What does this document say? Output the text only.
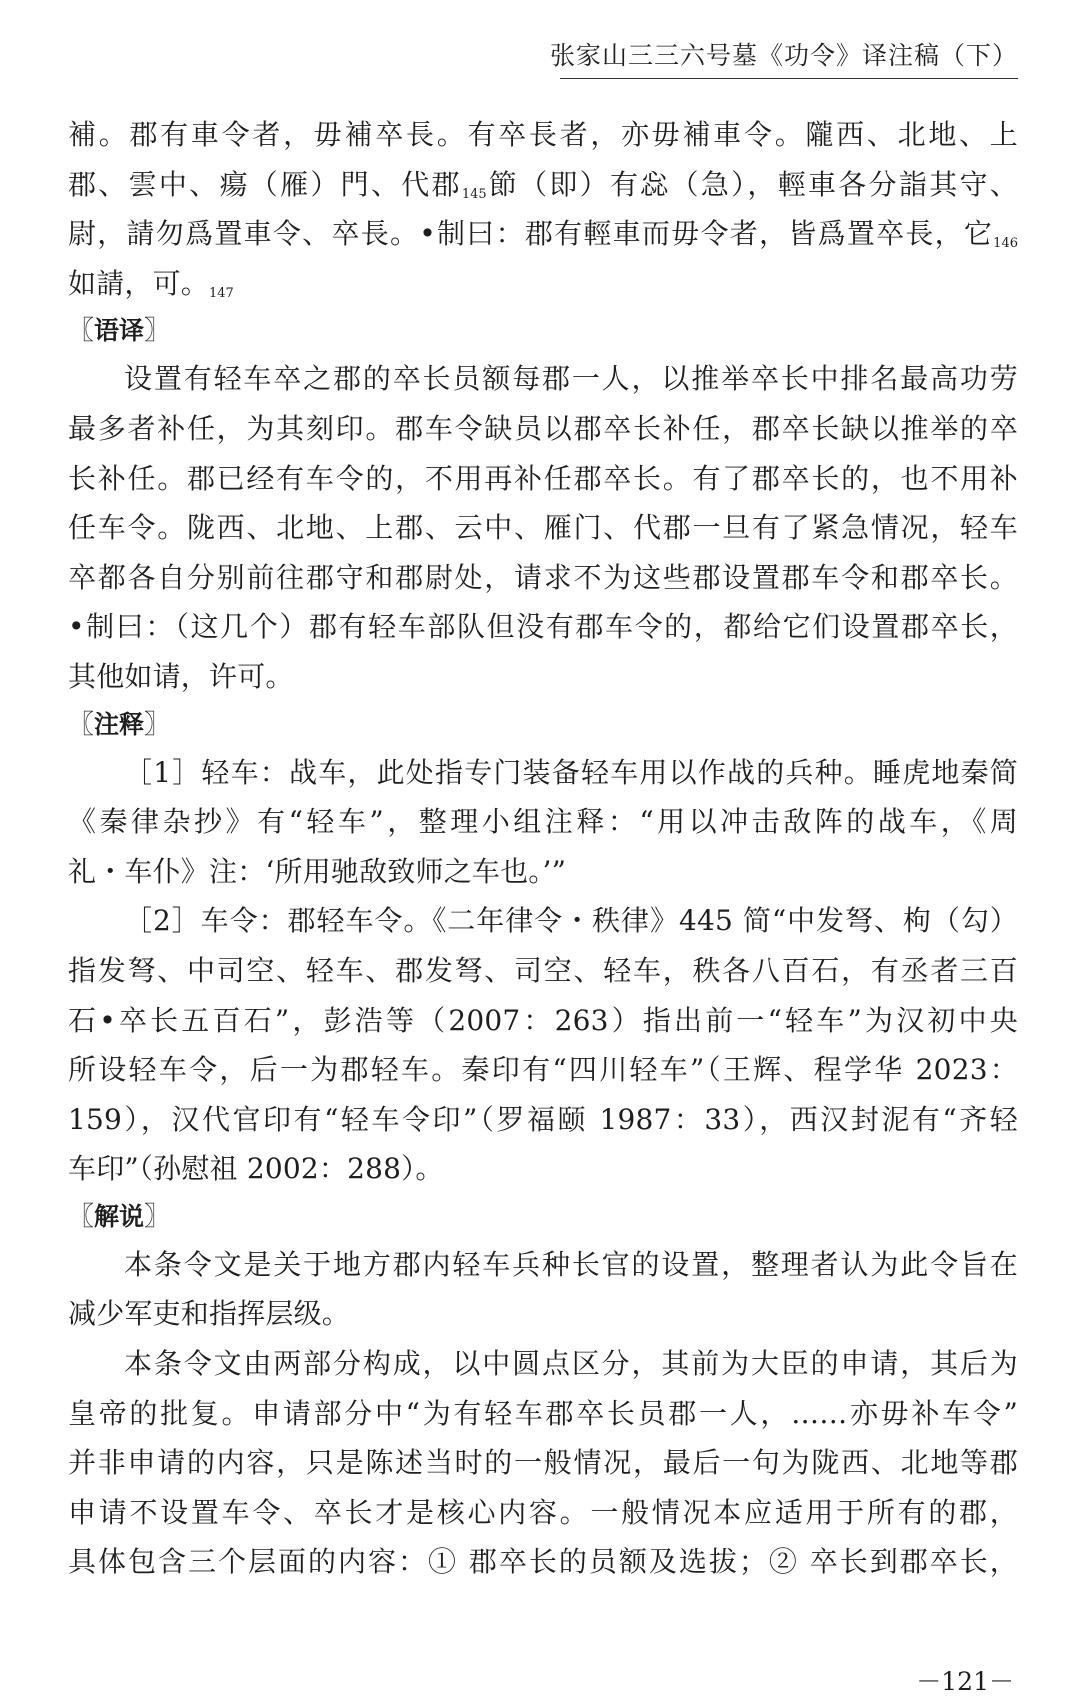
张家山三三六号墓《功令》译注稿（下）
補。郡有車令者，毋補卒長。有卒長者，亦毋補車令。隴西、北地、上
郡、雲中、瘍（雁）門、代郡$_{145}$節（即）有惢（急），輕車各分詣其守、
尉，請勿爲置車令、卒長。•制曰：郡有輕車而毋令者，皆爲置卒長，它$_{146}$
如請，可。$_{147}$
〖语译〗
设置有轻车卒之郡的卒长员额每郡一人，以推举卒长中排名最高功劳
最多者补任，为其刻印。郡车令缺员以郡卒长补任，郡卒长缺以推举的卒
长补任。郡已经有车令的，不用再补任郡卒长。有了郡卒长的，也不用补
任车令。陇西、北地、上郡、云中、雁门、代郡一旦有了紧急情况，轻车
卒都各自分别前往郡守和郡尉处，请求不为这些郡设置郡车令和郡卒长。
•制曰：（这几个）郡有轻车部队但没有郡车令的，都给它们设置郡卒长，
其他如请，许可。
〖注释〗
［1］轻车：战车，此处指专门装备轻车用以作战的兵种。睡虎地秦简
《秦律杂抄》有“轻车”，整理小组注释：“用以冲击敌阵的战车，《周
礼・车仆》注：‘所用驰敌致师之车也。’”
［2］车令：郡轻车令。《二年律令・秩律》445 简“中发弩、枸（勾）
指发弩、中司空、轻车、郡发弩、司空、轻车，秩各八百石，有丞者三百
石•卒长五百石”，彭浩等（2007：263）指出前一“轻车”为汉初中央
所设轻车令，后一为郡轻车。秦印有“四川轻车”（王辉、程学华 2023：
159），汉代官印有“轻车令印”（罗福颐 1987：33），西汉封泥有“齐轻
车印”（孙慰祖 2002：288）。
〖解说〗
本条令文是关于地方郡内轻车兵种长官的设置，整理者认为此令旨在
减少军吏和指挥层级。
本条令文由两部分构成，以中圆点区分，其前为大臣的申请，其后为
皇帝的批复。申请部分中“为有轻车郡卒长员郡一人，……亦毋补车令”
并非申请的内容，只是陈述当时的一般情况，最后一句为陇西、北地等郡
申请不设置车令、卒长才是核心内容。一般情况本应适用于所有的郡，
具体包含三个层面的内容：① 郡卒长的员额及选拔；② 卒长到郡卒长，
－121－
